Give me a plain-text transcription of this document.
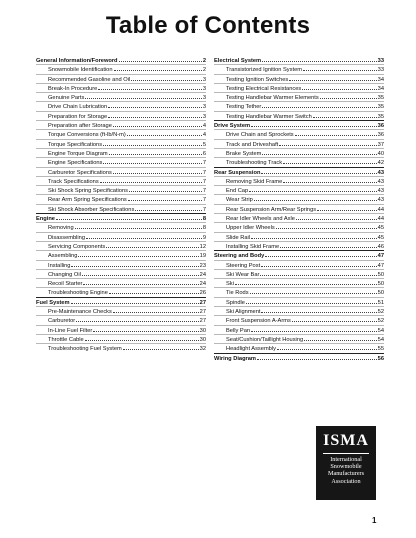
Table of Contents
General Information/Foreword	2
Snowmobile Identification	2
Recommended Gasoline and Oil	3
Break-In Procedure	3
Genuine Parts	3
Drive Chain Lubrication	3
Preparation for Storage	3
Preparation after Storage	4
Torque Conversions (ft-lb/N-m)	4
Torque Specifications	5
Engine Torque Diagram	6
Engine Specifications	7
Carburetor Specifications	7
Track Specifications	7
Ski Shock Spring Specifications	7
Rear Arm Spring Specifications	7
Ski Shock Absorber Specifications	7
Engine	8
Removing	8
Disassembling	9
Servicing Components	12
Assembling	19
Installing	23
Changing Oil	24
Recoil Starter	24
Troubleshooting Engine	26
Fuel System	27
Pre-Maintenance Checks	27
Carburetor	27
In-Line Fuel Filter	30
Throttle Cable	30
Troubleshooting Fuel System	32
Electrical System	33
Transistorized Ignition System	33
Testing Ignition Switches	34
Testing Electrical Resistances	34
Testing Handlebar Warmer Elements	35
Testing Tether	35
Testing Handlebar Warmer Switch	35
Drive System	36
Drive Chain and Sprockets	36
Track and Driveshaft	37
Brake System	40
Troubleshooting Track	42
Rear Suspension	43
Removing Skid Frame	43
End Cap	43
Wear Strip	43
Rear Suspension Arm/Rear Springs	44
Rear Idler Wheels and Axle	44
Upper Idler Wheels	45
Slide Rail	45
Installing Skid Frame	46
Steering and Body	47
Steering Post	47
Ski Wear Bar	50
Ski	50
Tie Rods	50
Spindle	51
Ski Alignment	52
Front Suspension A-Arms	52
Belly Pan	54
Seat/Cushion/Taillight Housing	54
Headlight Assembly	55
Wiring Diagram	56
ISMA
International
Snowmobile
Manufacturers
Association
1
